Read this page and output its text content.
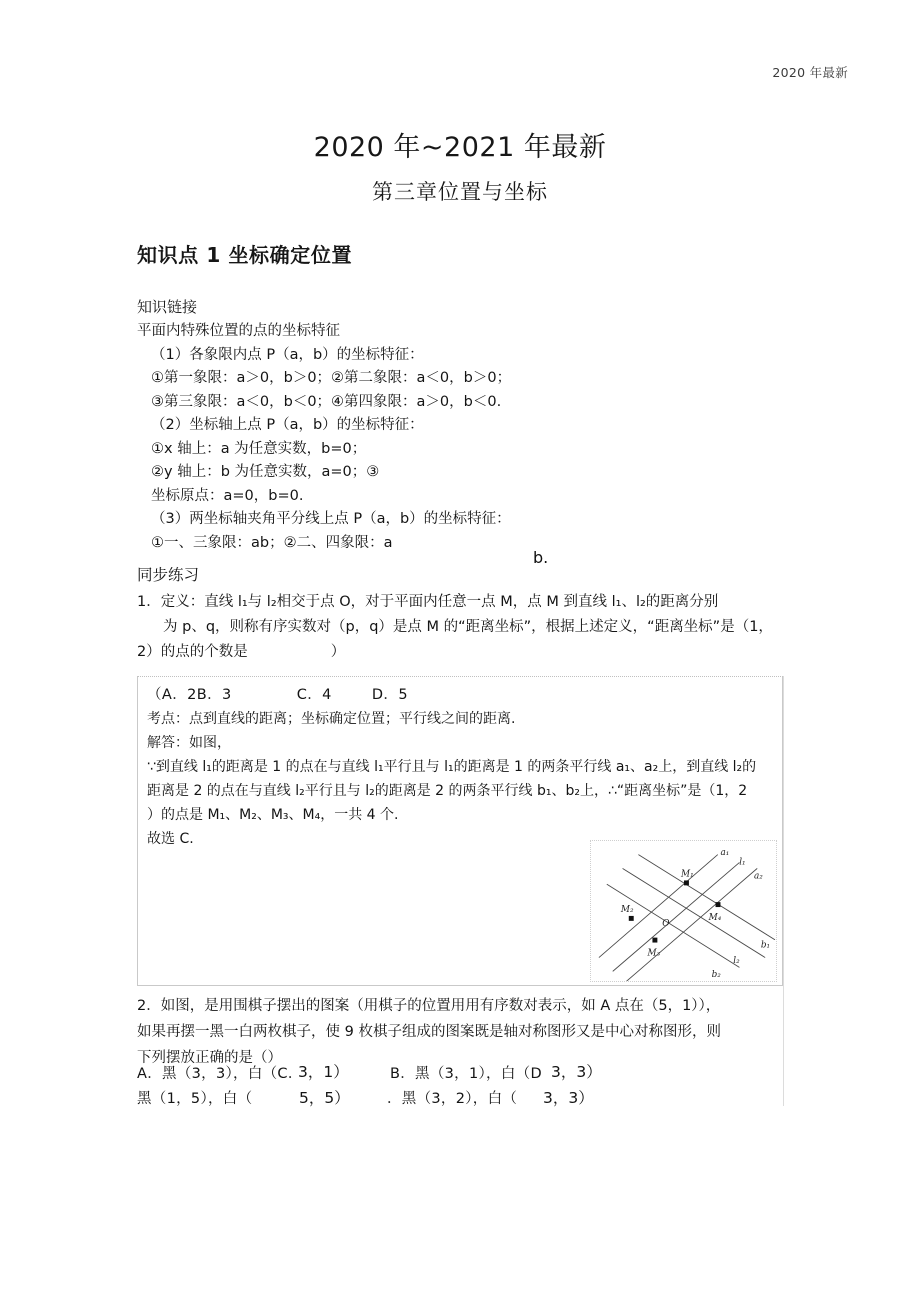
2020 年最新
2020 年~2021 年最新
第三章位置与坐标
知识点 1 坐标确定位置
知识链接
平面内特殊位置的点的坐标特征
（1）各象限内点 P（a，b）的坐标特征：
①第一象限：a＞0，b＞0；②第二象限：a＜0，b＞0；
③第三象限：a＜0，b＜0；④第四象限：a＞0，b＜0.
（2）坐标轴上点 P（a，b）的坐标特征：
①x 轴上：a 为任意实数，b=0；
②y 轴上：b 为任意实数，a=0；③
坐标原点：a=0，b=0.
（3）两坐标轴夹角平分线上点 P（a，b）的坐标特征：
①一、三象限：ab；②二、四象限：a
同步练习
1．定义：直线 l₁与 l₂相交于点 O，对于平面内任意一点 M，点 M 到直线 l₁、l₂的距离分别
为 p、q，则称有序实数对（p，q）是点 M 的“距离坐标”，根据上述定义，“距离坐标”是（1，
2）的点的个数是                  ）
b.
（A．2B．3             C．4        D．5
考点：点到直线的距离；坐标确定位置；平行线之间的距离.
解答：如图，
∵到直线 l₁的距离是 1 的点在与直线 l₁平行且与 l₁的距离是 1 的两条平行线 a₁、a₂上，到直线 l₂的
距离是 2 的点在与直线 l₂平行且与 l₂的距离是 2 的两条平行线 b₁、b₂上，∴“距离坐标”是（1，2
）的点是 M₁、M₂、M₃、M₄，一共 4 个.
故选 C.
M₁
M₂
O
M₄
M₃
a₁
l₁
a₂
b₁
l₂
b₂
2．如图，是用围棋子摆出的图案（用棋子的位置用用有序数对表示，如 A 点在（5，1）），
如果再摆一黑一白两枚棋子，使 9 枚棋子组成的图案既是轴对称图形又是中心对称图形，则
下列摆放正确的是（）
A．黑（3，3），白（C．
3，1）
黑（1，5），白（	5，5）
B．黑（3，1），白（D 3，3）
．黑（3，2），白（ 3，3）
